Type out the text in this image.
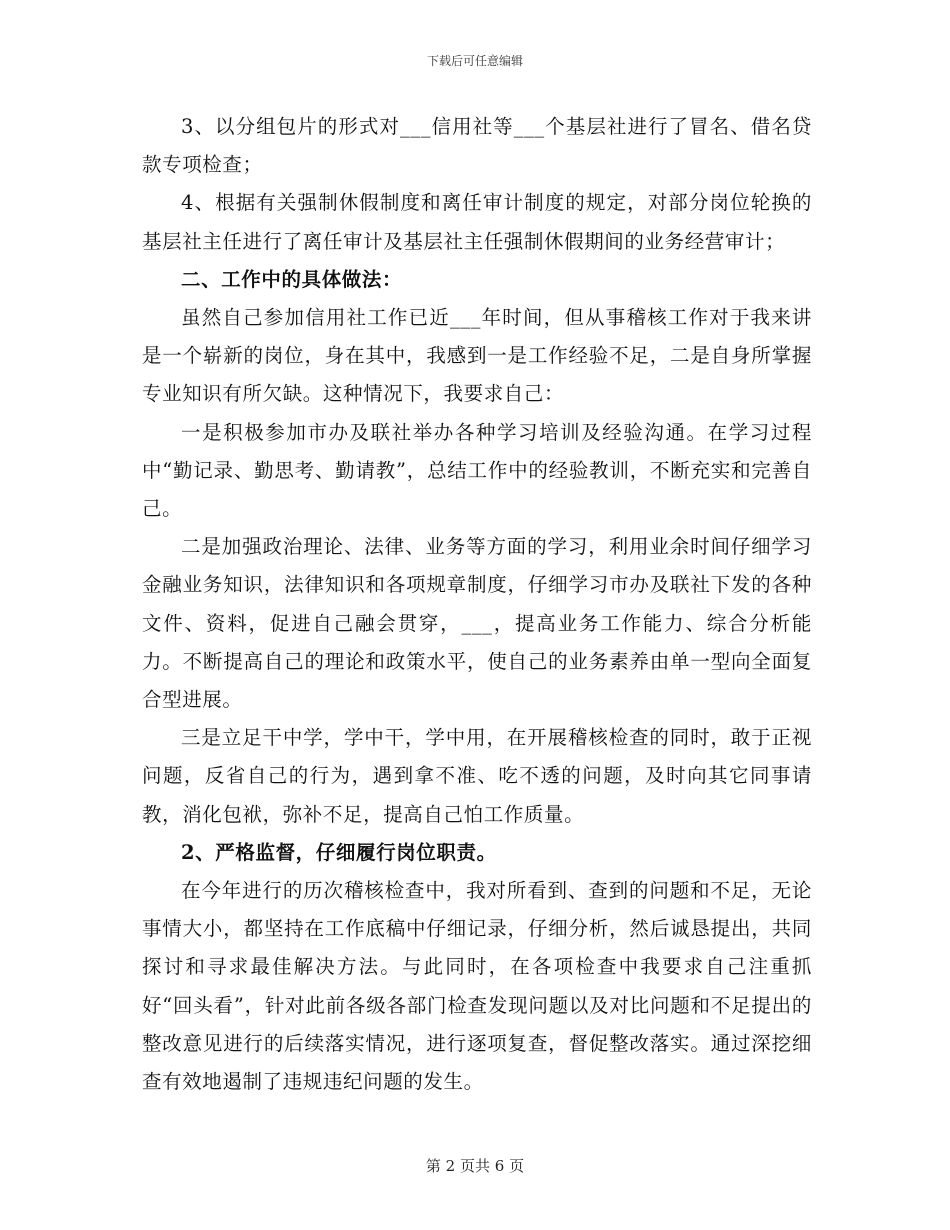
下载后可任意编辑

3、以分组包片的形式对___信用社等___个基层社进行了冒名、借名贷款专项检查；

4、根据有关强制休假制度和离任审计制度的规定，对部分岗位轮换的基层社主任进行了离任审计及基层社主任强制休假期间的业务经营审计；

二、工作中的具体做法：

虽然自己参加信用社工作已近___年时间，但从事稽核工作对于我来讲是一个崭新的岗位，身在其中，我感到一是工作经验不足，二是自身所掌握专业知识有所欠缺。这种情况下，我要求自己：

一是积极参加市办及联社举办各种学习培训及经验沟通。在学习过程中“勤记录、勤思考、勤请教”，总结工作中的经验教训，不断充实和完善自己。

二是加强政治理论、法律、业务等方面的学习，利用业余时间仔细学习金融业务知识，法律知识和各项规章制度，仔细学习市办及联社下发的各种文件、资料，促进自己融会贯穿，___，提高业务工作能力、综合分析能力。不断提高自己的理论和政策水平，使自己的业务素养由单一型向全面复合型进展。

三是立足干中学，学中干，学中用，在开展稽核检查的同时，敢于正视问题，反省自己的行为，遇到拿不准、吃不透的问题，及时向其它同事请教，消化包袱，弥补不足，提高自己怕工作质量。

2、严格监督，仔细履行岗位职责。

在今年进行的历次稽核检查中，我对所看到、查到的问题和不足，无论事情大小，都坚持在工作底稿中仔细记录，仔细分析，然后诚恳提出，共同探讨和寻求最佳解决方法。与此同时，在各项检查中我要求自己注重抓好“回头看”，针对此前各级各部门检查发现问题以及对比问题和不足提出的整改意见进行的后续落实情况，进行逐项复查，督促整改落实。通过深挖细查有效地遏制了违规违纪问题的发生。

第 2 页共 6 页
